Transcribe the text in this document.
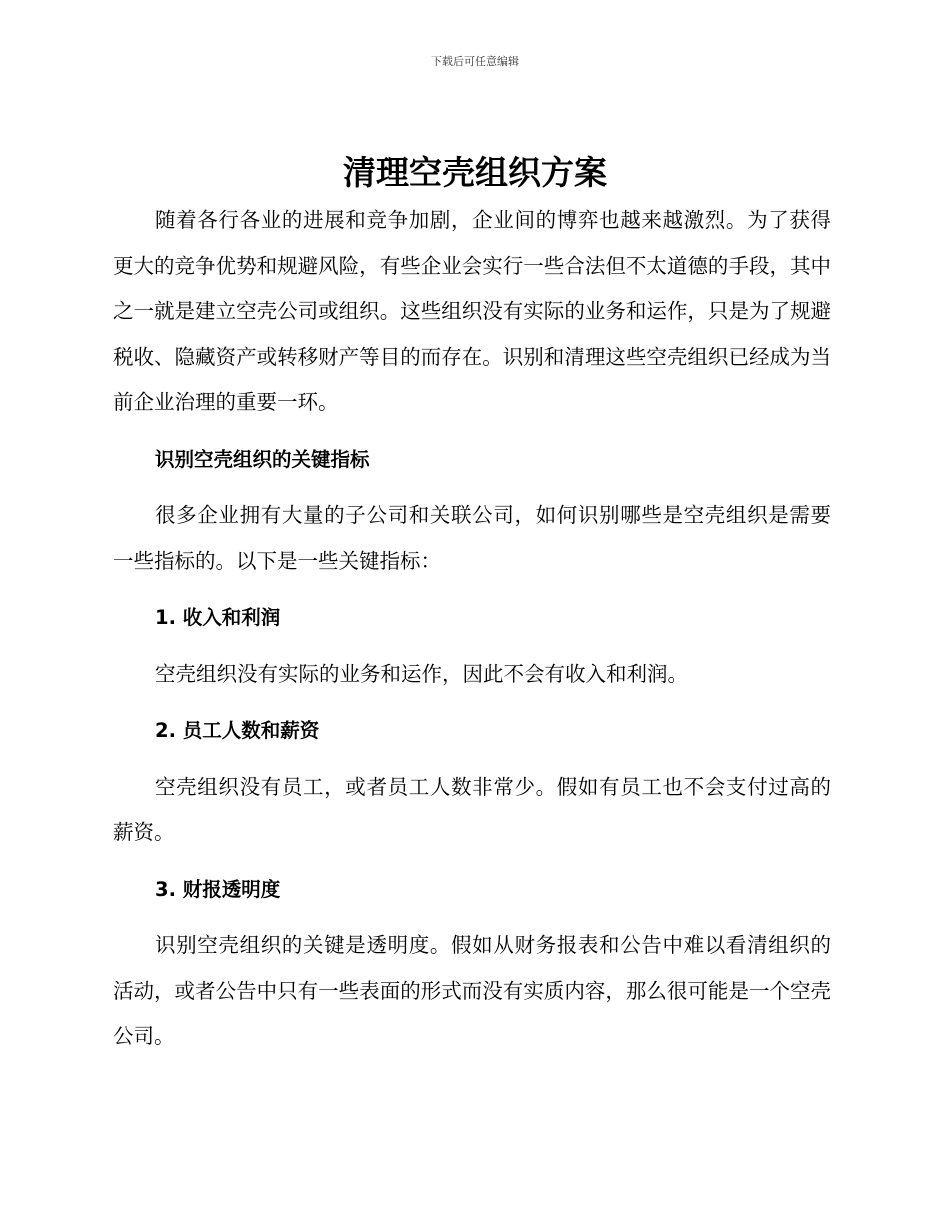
下载后可任意编辑
清理空壳组织方案

随着各行各业的进展和竞争加剧，企业间的博弈也越来越激烈。为了获得更大的竞争优势和规避风险，有些企业会实行一些合法但不太道德的手段，其中之一就是建立空壳公司或组织。这些组织没有实际的业务和运作，只是为了规避税收、隐藏资产或转移财产等目的而存在。识别和清理这些空壳组织已经成为当前企业治理的重要一环。

识别空壳组织的关键指标

很多企业拥有大量的子公司和关联公司，如何识别哪些是空壳组织是需要一些指标的。以下是一些关键指标：

1. 收入和利润

空壳组织没有实际的业务和运作，因此不会有收入和利润。

2. 员工人数和薪资

空壳组织没有员工，或者员工人数非常少。假如有员工也不会支付过高的薪资。

3. 财报透明度

识别空壳组织的关键是透明度。假如从财务报表和公告中难以看清组织的活动，或者公告中只有一些表面的形式而没有实质内容，那么很可能是一个空壳公司。
